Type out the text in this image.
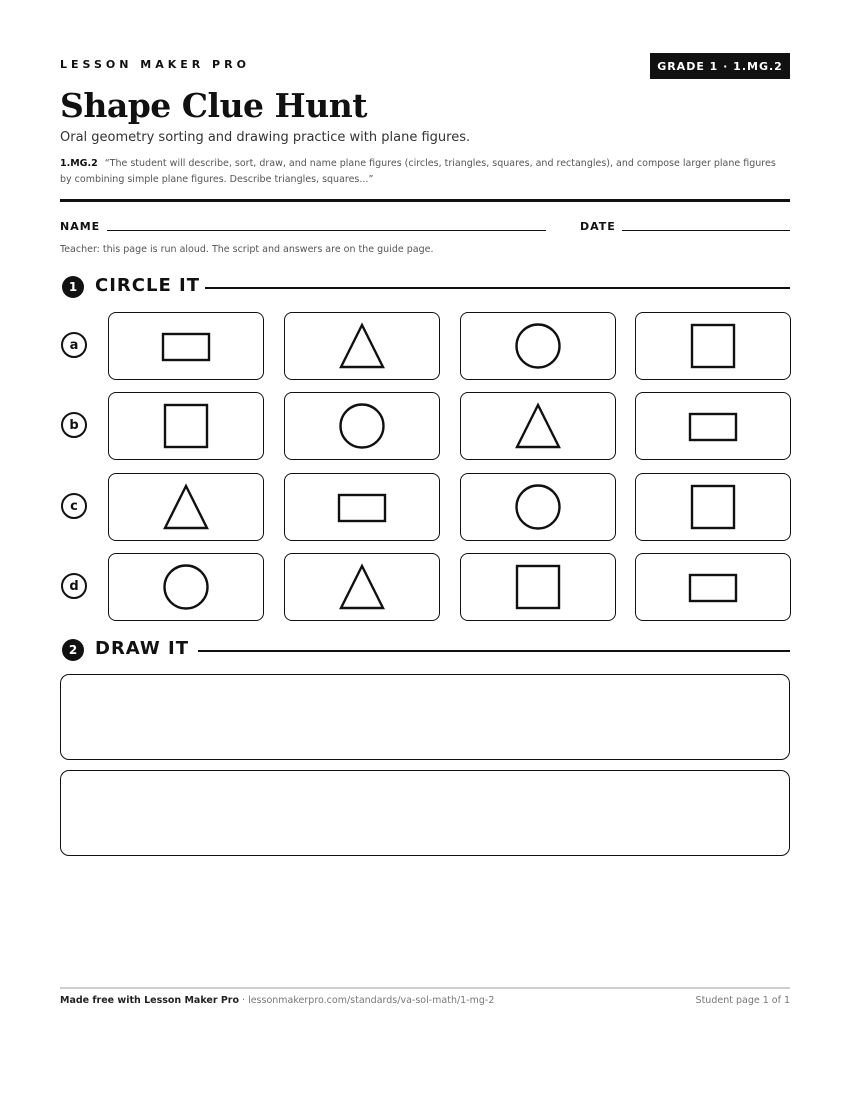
LESSON MAKER PRO	GRADE 1 · 1.MG.2
Shape Clue Hunt
Oral geometry sorting and drawing practice with plane figures.
1.MG.2 “The student will describe, sort, draw, and name plane figures (circles, triangles, squares, and rectangles), and compose larger plane figures by combining simple plane figures. Describe triangles, squares...”
NAME	DATE
Teacher: this page is run aloud. The script and answers are on the guide page.
1 CIRCLE IT
a
b
c
d
2 DRAW IT
Made free with Lesson Maker Pro · lessonmakerpro.com/standards/va-sol-math/1-mg-2	Student page 1 of 1
